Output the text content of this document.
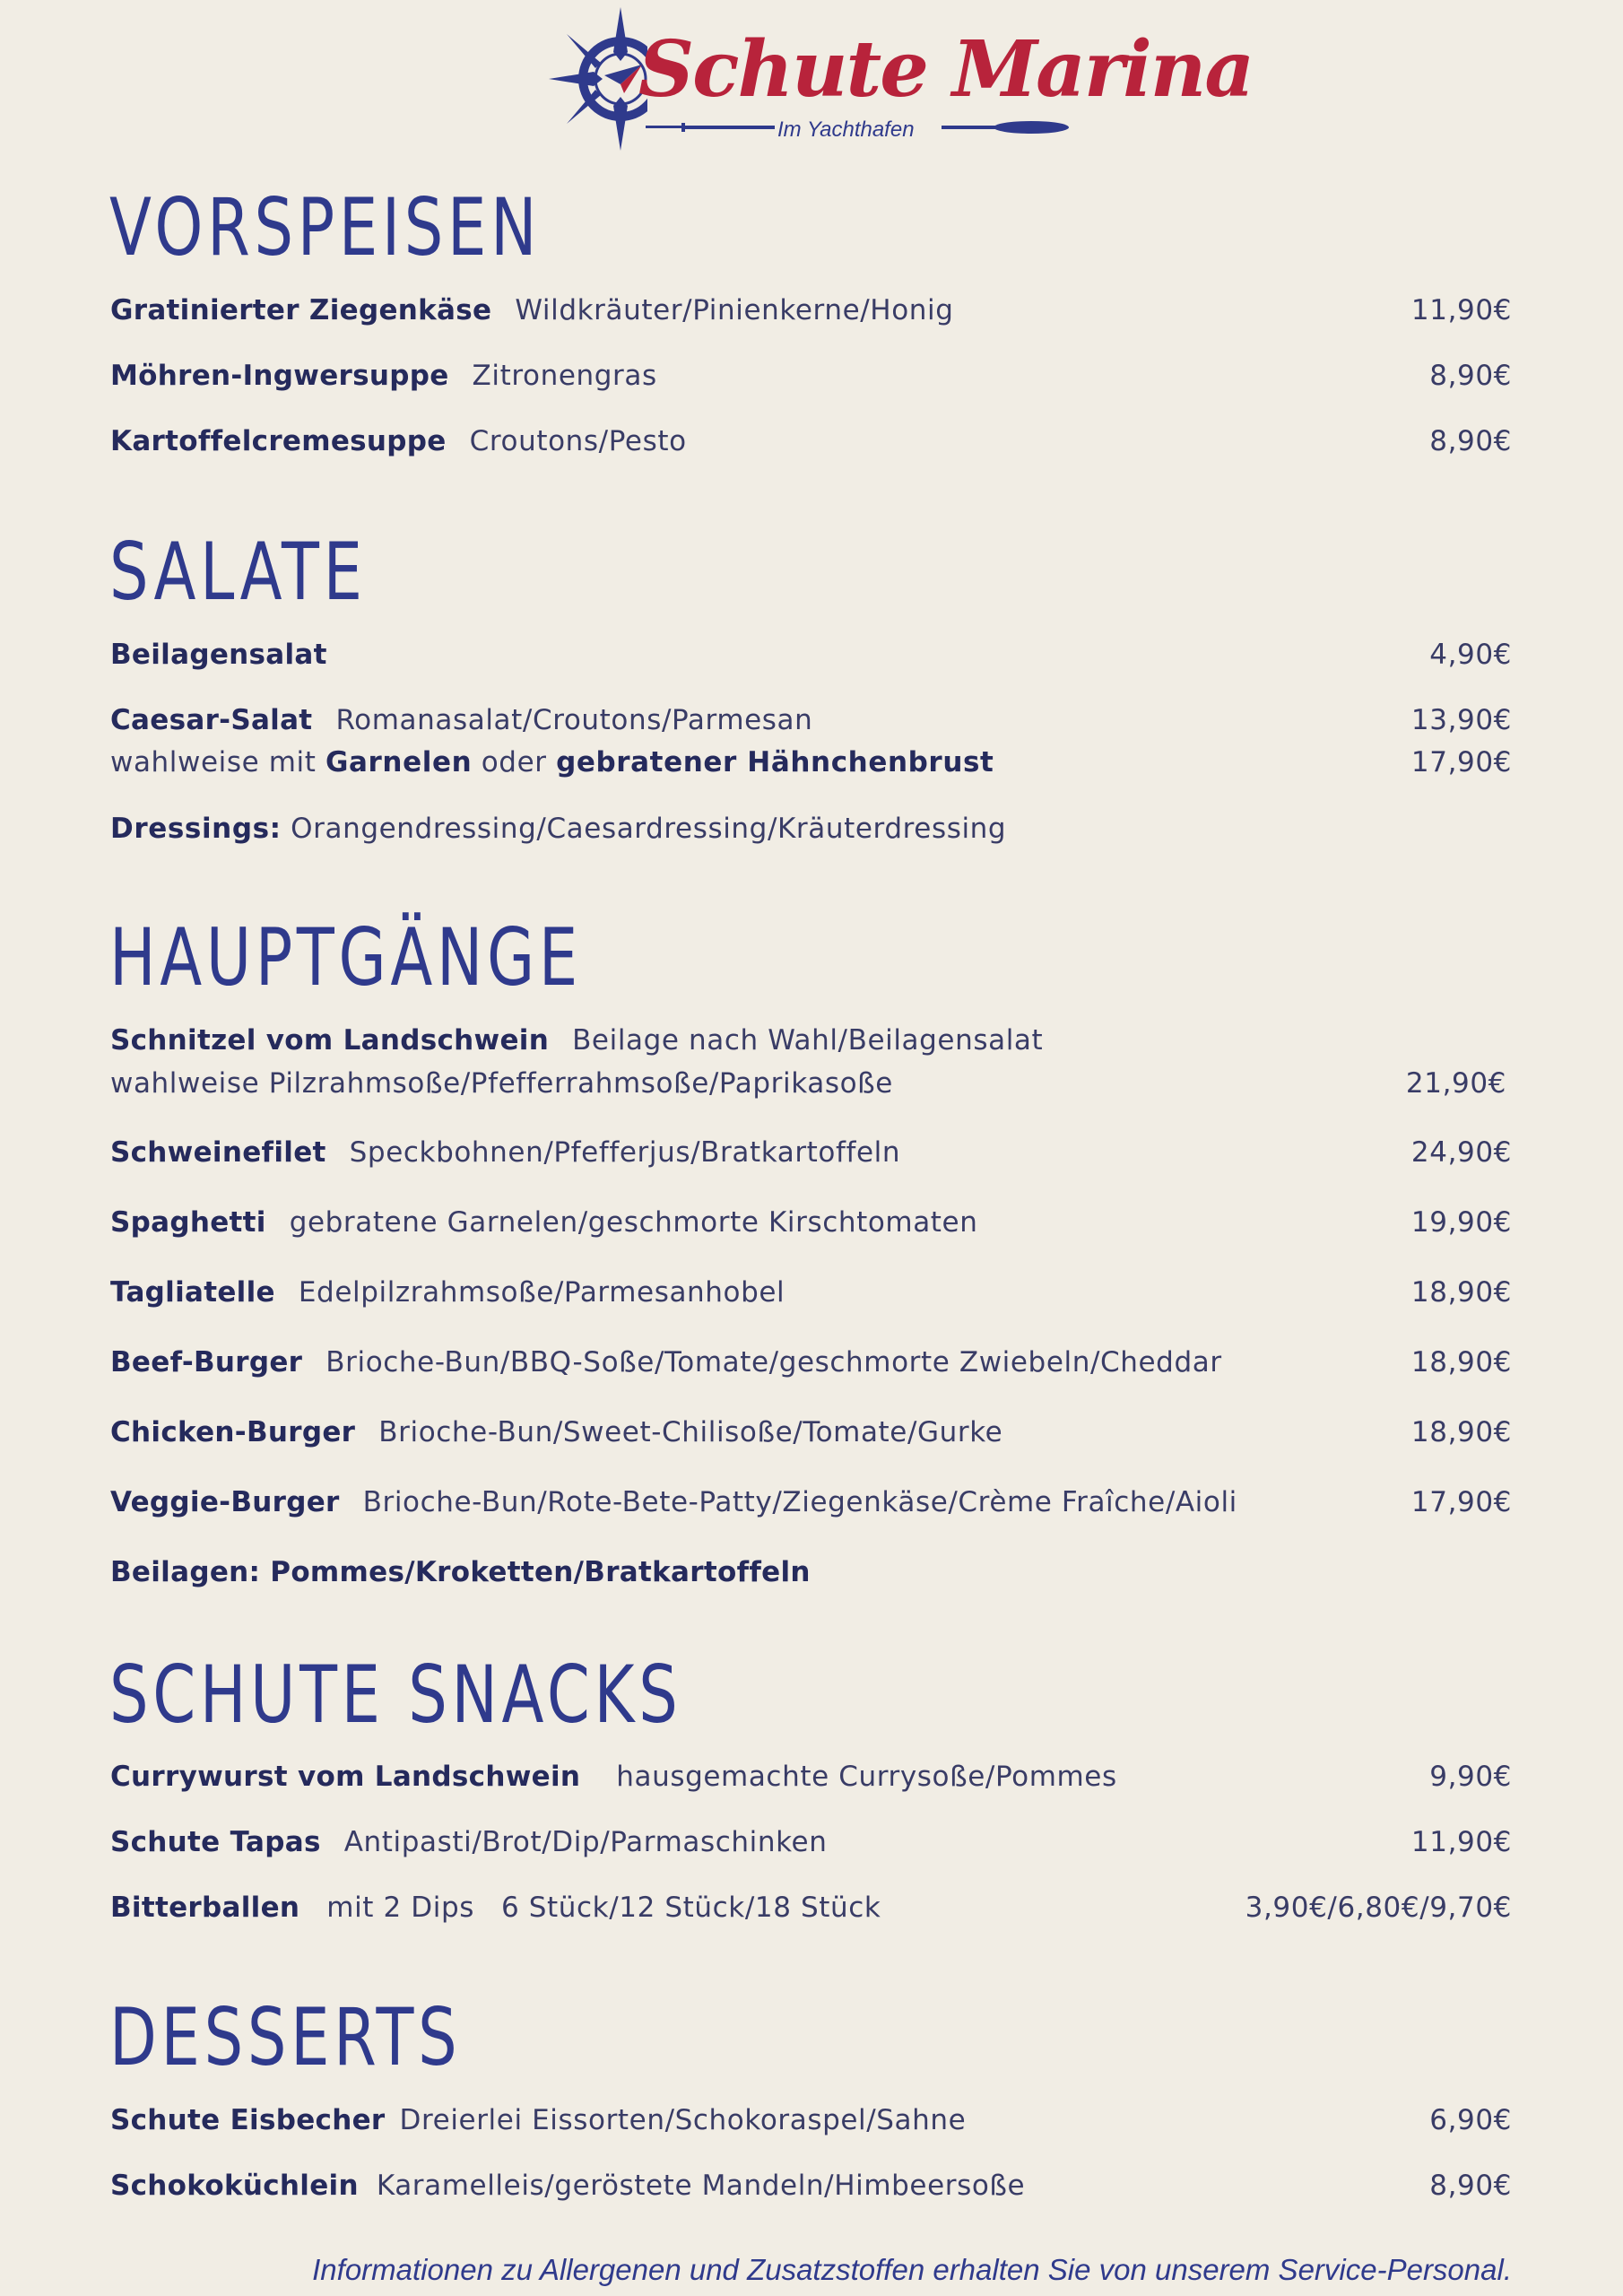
Schute Marina
Im Yachthafen
VORSPEISEN
Gratinierter Ziegenkäse Wildkräuter/Pinienkerne/Honig	11,90€
Möhren-Ingwersuppe Zitronengras	8,90€
Kartoffelcremesuppe Croutons/Pesto	8,90€
SALATE
Beilagensalat	4,90€
Caesar-Salat Romanasalat/Croutons/Parmesan	13,90€
wahlweise mit Garnelen oder gebratener Hähnchenbrust	17,90€
Dressings: Orangendressing/Caesardressing/Kräuterdressing
HAUPTGÄNGE
Schnitzel vom Landschwein Beilage nach Wahl/Beilagensalat
wahlweise Pilzrahmsoße/Pfefferrahmsoße/Paprikasoße	21,90€
Schweinefilet Speckbohnen/Pfefferjus/Bratkartoffeln	24,90€
Spaghetti gebratene Garnelen/geschmorte Kirschtomaten	19,90€
Tagliatelle Edelpilzrahmsoße/Parmesanhobel	18,90€
Beef-Burger Brioche-Bun/BBQ-Soße/Tomate/geschmorte Zwiebeln/Cheddar	18,90€
Chicken-Burger Brioche-Bun/Sweet-Chilisoße/Tomate/Gurke	18,90€
Veggie-Burger Brioche-Bun/Rote-Bete-Patty/Ziegenkäse/Crème Fraîche/Aioli	17,90€
Beilagen: Pommes/Kroketten/Bratkartoffeln
SCHUTE SNACKS
Currywurst vom Landschwein hausgemachte Currysoße/Pommes	9,90€
Schute Tapas Antipasti/Brot/Dip/Parmaschinken	11,90€
Bitterballen mit 2 Dips 6 Stück/12 Stück/18 Stück	3,90€/6,80€/9,70€
DESSERTS
Schute Eisbecher Dreierlei Eissorten/Schokoraspel/Sahne	6,90€
Schokoküchlein Karamelleis/geröstete Mandeln/Himbeersoße	8,90€
Informationen zu Allergenen und Zusatzstoffen erhalten Sie von unserem Service-Personal.
